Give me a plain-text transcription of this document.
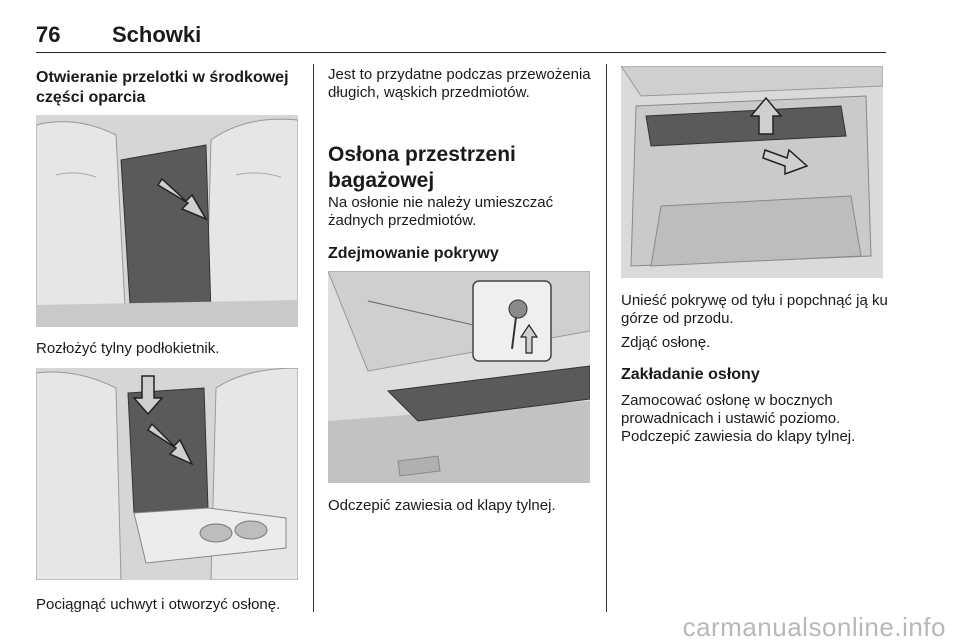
76 Schowki
Otwieranie przelotki w środkowej części oparcia
Rozłożyć tylny podłokietnik.
Pociągnąć uchwyt i otworzyć osłonę.
Jest to przydatne podczas przewożenia długich, wąskich przedmiotów.
Osłona przestrzeni bagażowej
Na osłonie nie należy umieszczać żadnych przedmiotów.
Zdejmowanie pokrywy
Odczepić zawiesia od klapy tylnej.
Unieść pokrywę od tyłu i popchnąć ją ku górze od przodu.
Zdjąć osłonę.
Zakładanie osłony
Zamocować osłonę w bocznych prowadnicach i ustawić poziomo. Podczepić zawiesia do klapy tylnej.
carmanualsonline.info
